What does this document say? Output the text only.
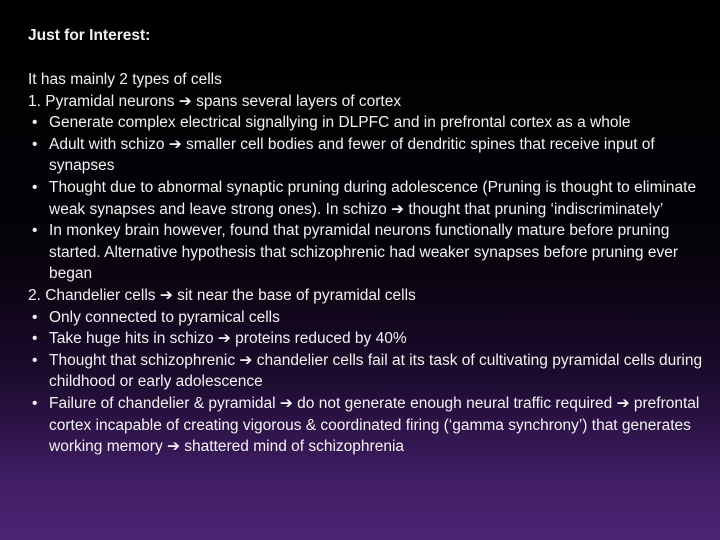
Just for Interest:
It has mainly 2 types of cells
1. Pyramidal neurons ➔ spans several layers of cortex
• Generate complex electrical signallying in DLPFC and in prefrontal cortex as a whole
• Adult with schizo ➔ smaller cell bodies and fewer of dendritic spines that receive input of synapses
• Thought due to abnormal synaptic pruning during adolescence (Pruning is thought to eliminate weak synapses and leave strong ones). In schizo ➔ thought that pruning ‘indiscriminately’
• In monkey brain however, found that pyramidal neurons functionally mature before pruning started. Alternative hypothesis that schizophrenic had weaker synapses before pruning ever began
2. Chandelier cells ➔ sit near the base of pyramidal cells
• Only connected to pyramical cells
• Take huge hits in schizo ➔ proteins reduced by 40%
• Thought that schizophrenic ➔ chandelier cells fail at its task of cultivating pyramidal cells during childhood or early adolescence
• Failure of chandelier & pyramidal ➔ do not generate enough neural traffic required ➔ prefrontal cortex incapable of creating vigorous & coordinated firing (‘gamma synchrony’) that generates working memory ➔ shattered mind of schizophrenia
